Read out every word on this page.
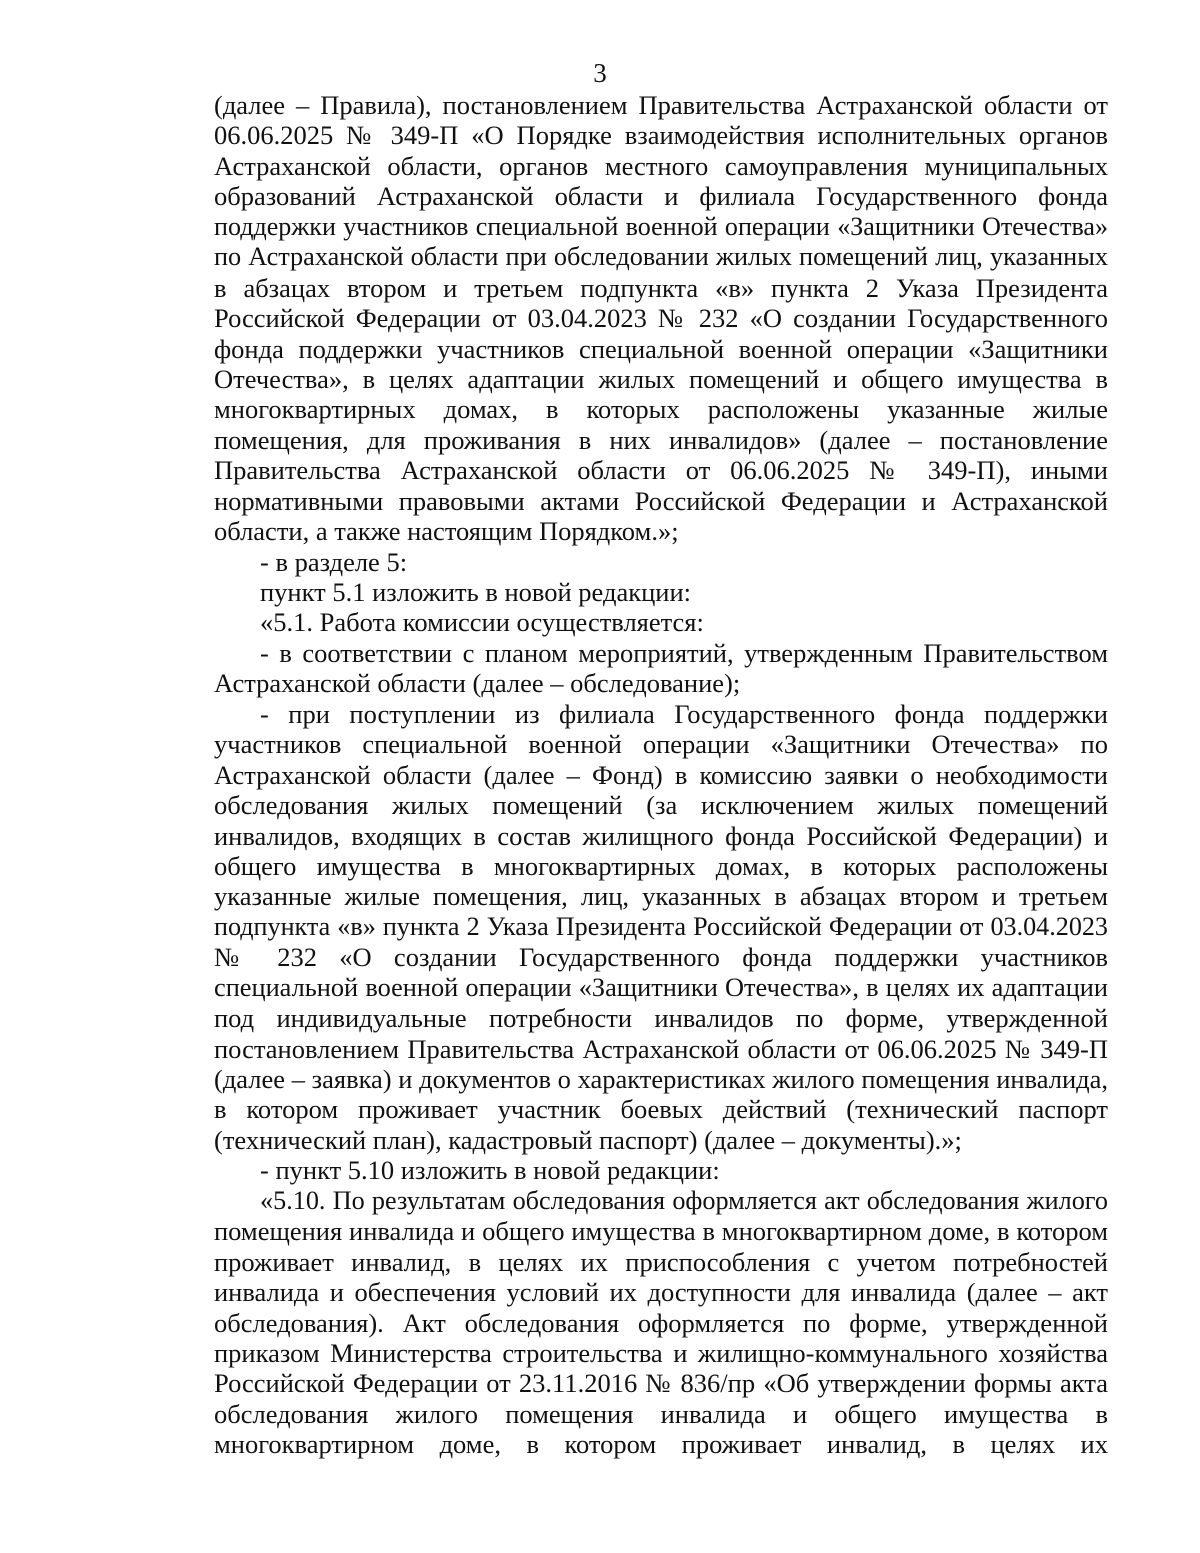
3
(далее – Правила), постановлением Правительства Астраханской области от
06.06.2025 № 349-П «О Порядке взаимодействия исполнительных органов
Астраханской области, органов местного самоуправления муниципальных
образований Астраханской области и филиала Государственного фонда
поддержки участников специальной военной операции «Защитники Отечества»
по Астраханской области при обследовании жилых помещений лиц, указанных
в абзацах втором и третьем подпункта «в» пункта 2 Указа Президента
Российской Федерации от 03.04.2023 № 232 «О создании Государственного
фонда поддержки участников специальной военной операции «Защитники
Отечества», в целях адаптации жилых помещений и общего имущества в
многоквартирных домах, в которых расположены указанные жилые
помещения, для проживания в них инвалидов» (далее – постановление
Правительства Астраханской области от 06.06.2025 № 349-П), иными
нормативными правовыми актами Российской Федерации и Астраханской
области, а также настоящим Порядком.»;
- в разделе 5:
пункт 5.1 изложить в новой редакции:
«5.1. Работа комиссии осуществляется:
- в соответствии с планом мероприятий, утвержденным Правительством
Астраханской области (далее – обследование);
- при поступлении из филиала Государственного фонда поддержки
участников специальной военной операции «Защитники Отечества» по
Астраханской области (далее – Фонд) в комиссию заявки о необходимости
обследования жилых помещений (за исключением жилых помещений
инвалидов, входящих в состав жилищного фонда Российской Федерации) и
общего имущества в многоквартирных домах, в которых расположены
указанные жилые помещения, лиц, указанных в абзацах втором и третьем
подпункта «в» пункта 2 Указа Президента Российской Федерации от 03.04.2023
№ 232 «О создании Государственного фонда поддержки участников
специальной военной операции «Защитники Отечества», в целях их адаптации
под индивидуальные потребности инвалидов по форме, утвержденной
постановлением Правительства Астраханской области от 06.06.2025 № 349-П
(далее – заявка) и документов о характеристиках жилого помещения инвалида,
в котором проживает участник боевых действий (технический паспорт
(технический план), кадастровый паспорт) (далее – документы).»;
- пункт 5.10 изложить в новой редакции:
«5.10. По результатам обследования оформляется акт обследования жилого
помещения инвалида и общего имущества в многоквартирном доме, в котором
проживает инвалид, в целях их приспособления с учетом потребностей
инвалида и обеспечения условий их доступности для инвалида (далее – акт
обследования). Акт обследования оформляется по форме, утвержденной
приказом Министерства строительства и жилищно-коммунального хозяйства
Российской Федерации от 23.11.2016 № 836/пр «Об утверждении формы акта
обследования жилого помещения инвалида и общего имущества в
многоквартирном доме, в котором проживает инвалид, в целях их
